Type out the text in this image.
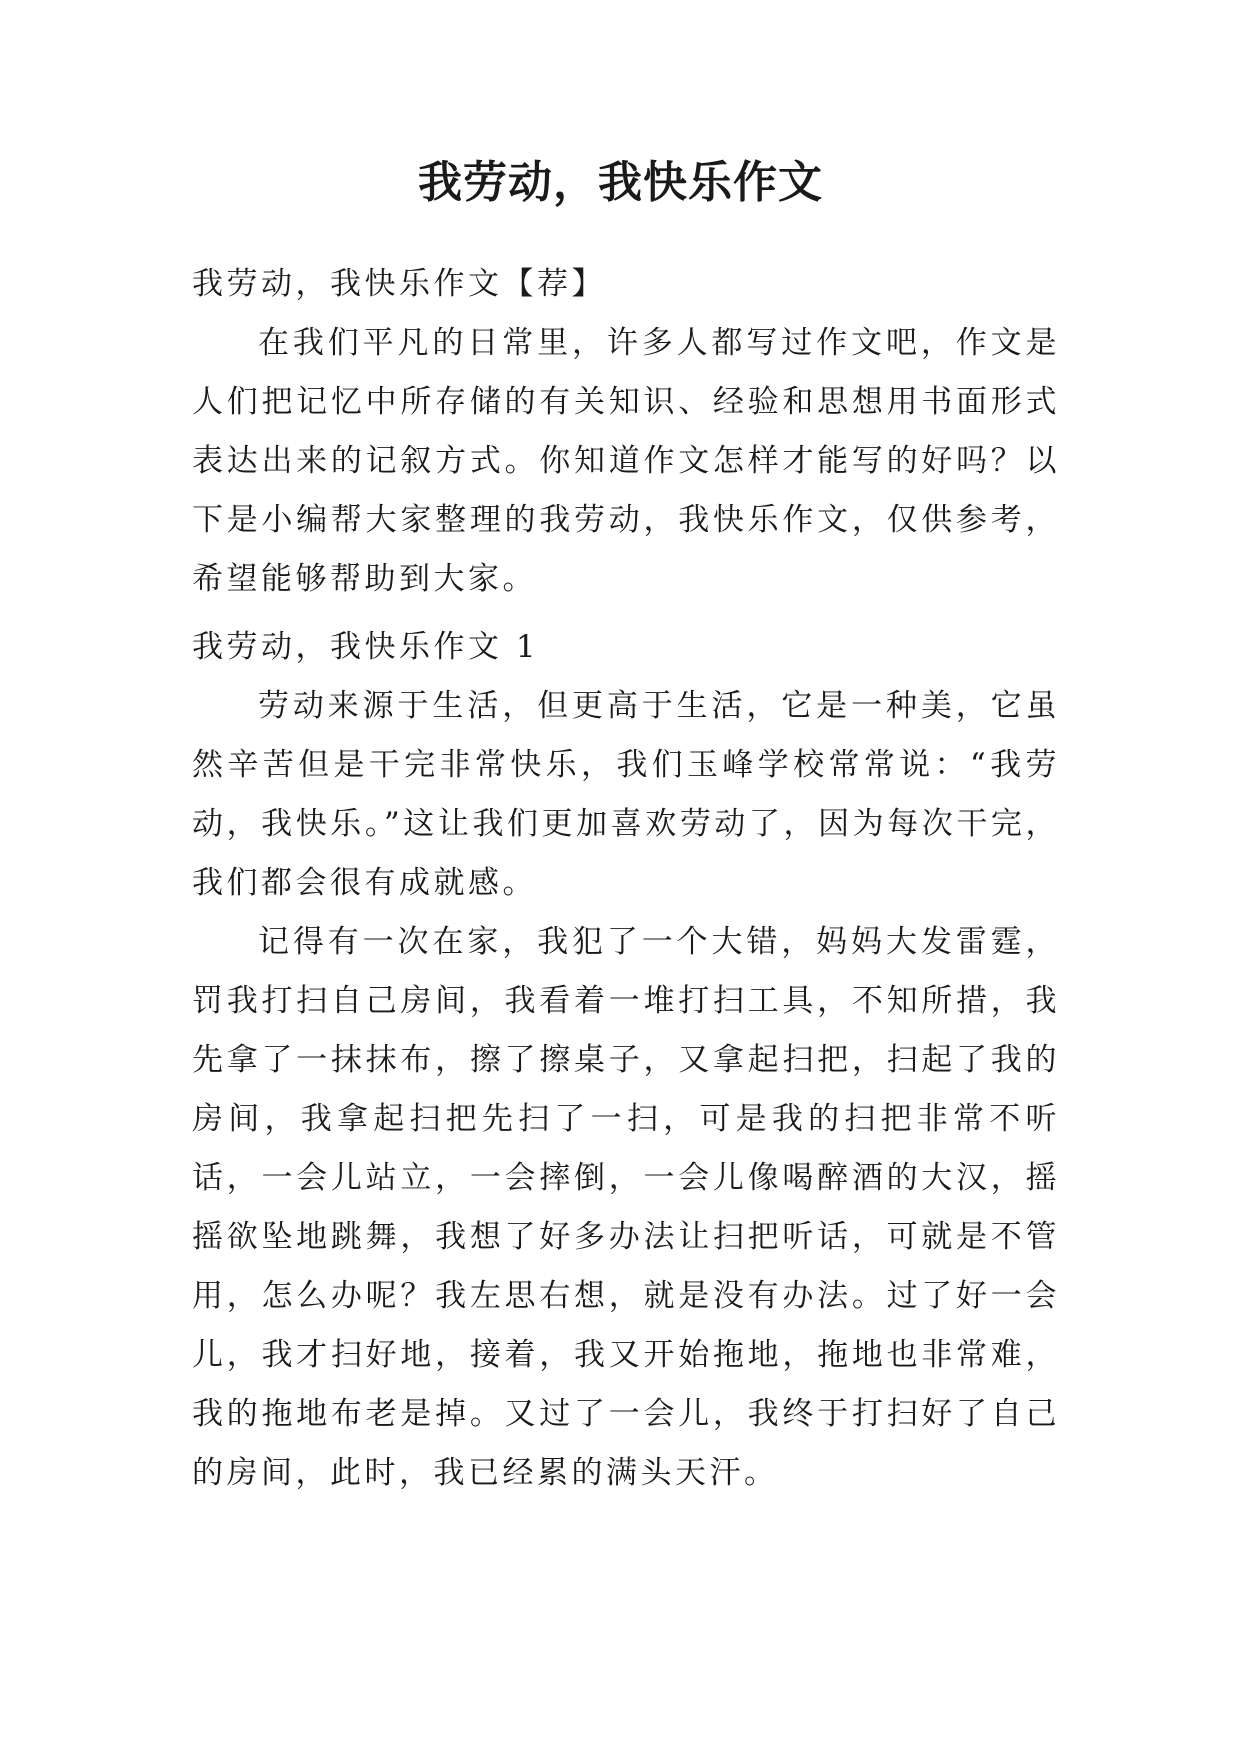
我劳动，我快乐作文

我劳动，我快乐作文【荐】

在我们平凡的日常里，许多人都写过作文吧，作文是人们把记忆中所存储的有关知识、经验和思想用书面形式表达出来的记叙方式。你知道作文怎样才能写的好吗？以下是小编帮大家整理的我劳动，我快乐作文，仅供参考，希望能够帮助到大家。

我劳动，我快乐作文 1

劳动来源于生活，但更高于生活，它是一种美，它虽然辛苦但是干完非常快乐，我们玉峰学校常常说：“我劳动，我快乐。”这让我们更加喜欢劳动了，因为每次干完，我们都会很有成就感。

记得有一次在家，我犯了一个大错，妈妈大发雷霆，罚我打扫自己房间，我看着一堆打扫工具，不知所措，我先拿了一抹抹布，擦了擦桌子，又拿起扫把，扫起了我的房间，我拿起扫把先扫了一扫，可是我的扫把非常不听话，一会儿站立，一会摔倒，一会儿像喝醉酒的大汉，摇摇欲坠地跳舞，我想了好多办法让扫把听话，可就是不管用，怎么办呢？我左思右想，就是没有办法。过了好一会儿，我才扫好地，接着，我又开始拖地，拖地也非常难，我的拖地布老是掉。又过了一会儿，我终于打扫好了自己的房间，此时，我已经累的满头天汗。
